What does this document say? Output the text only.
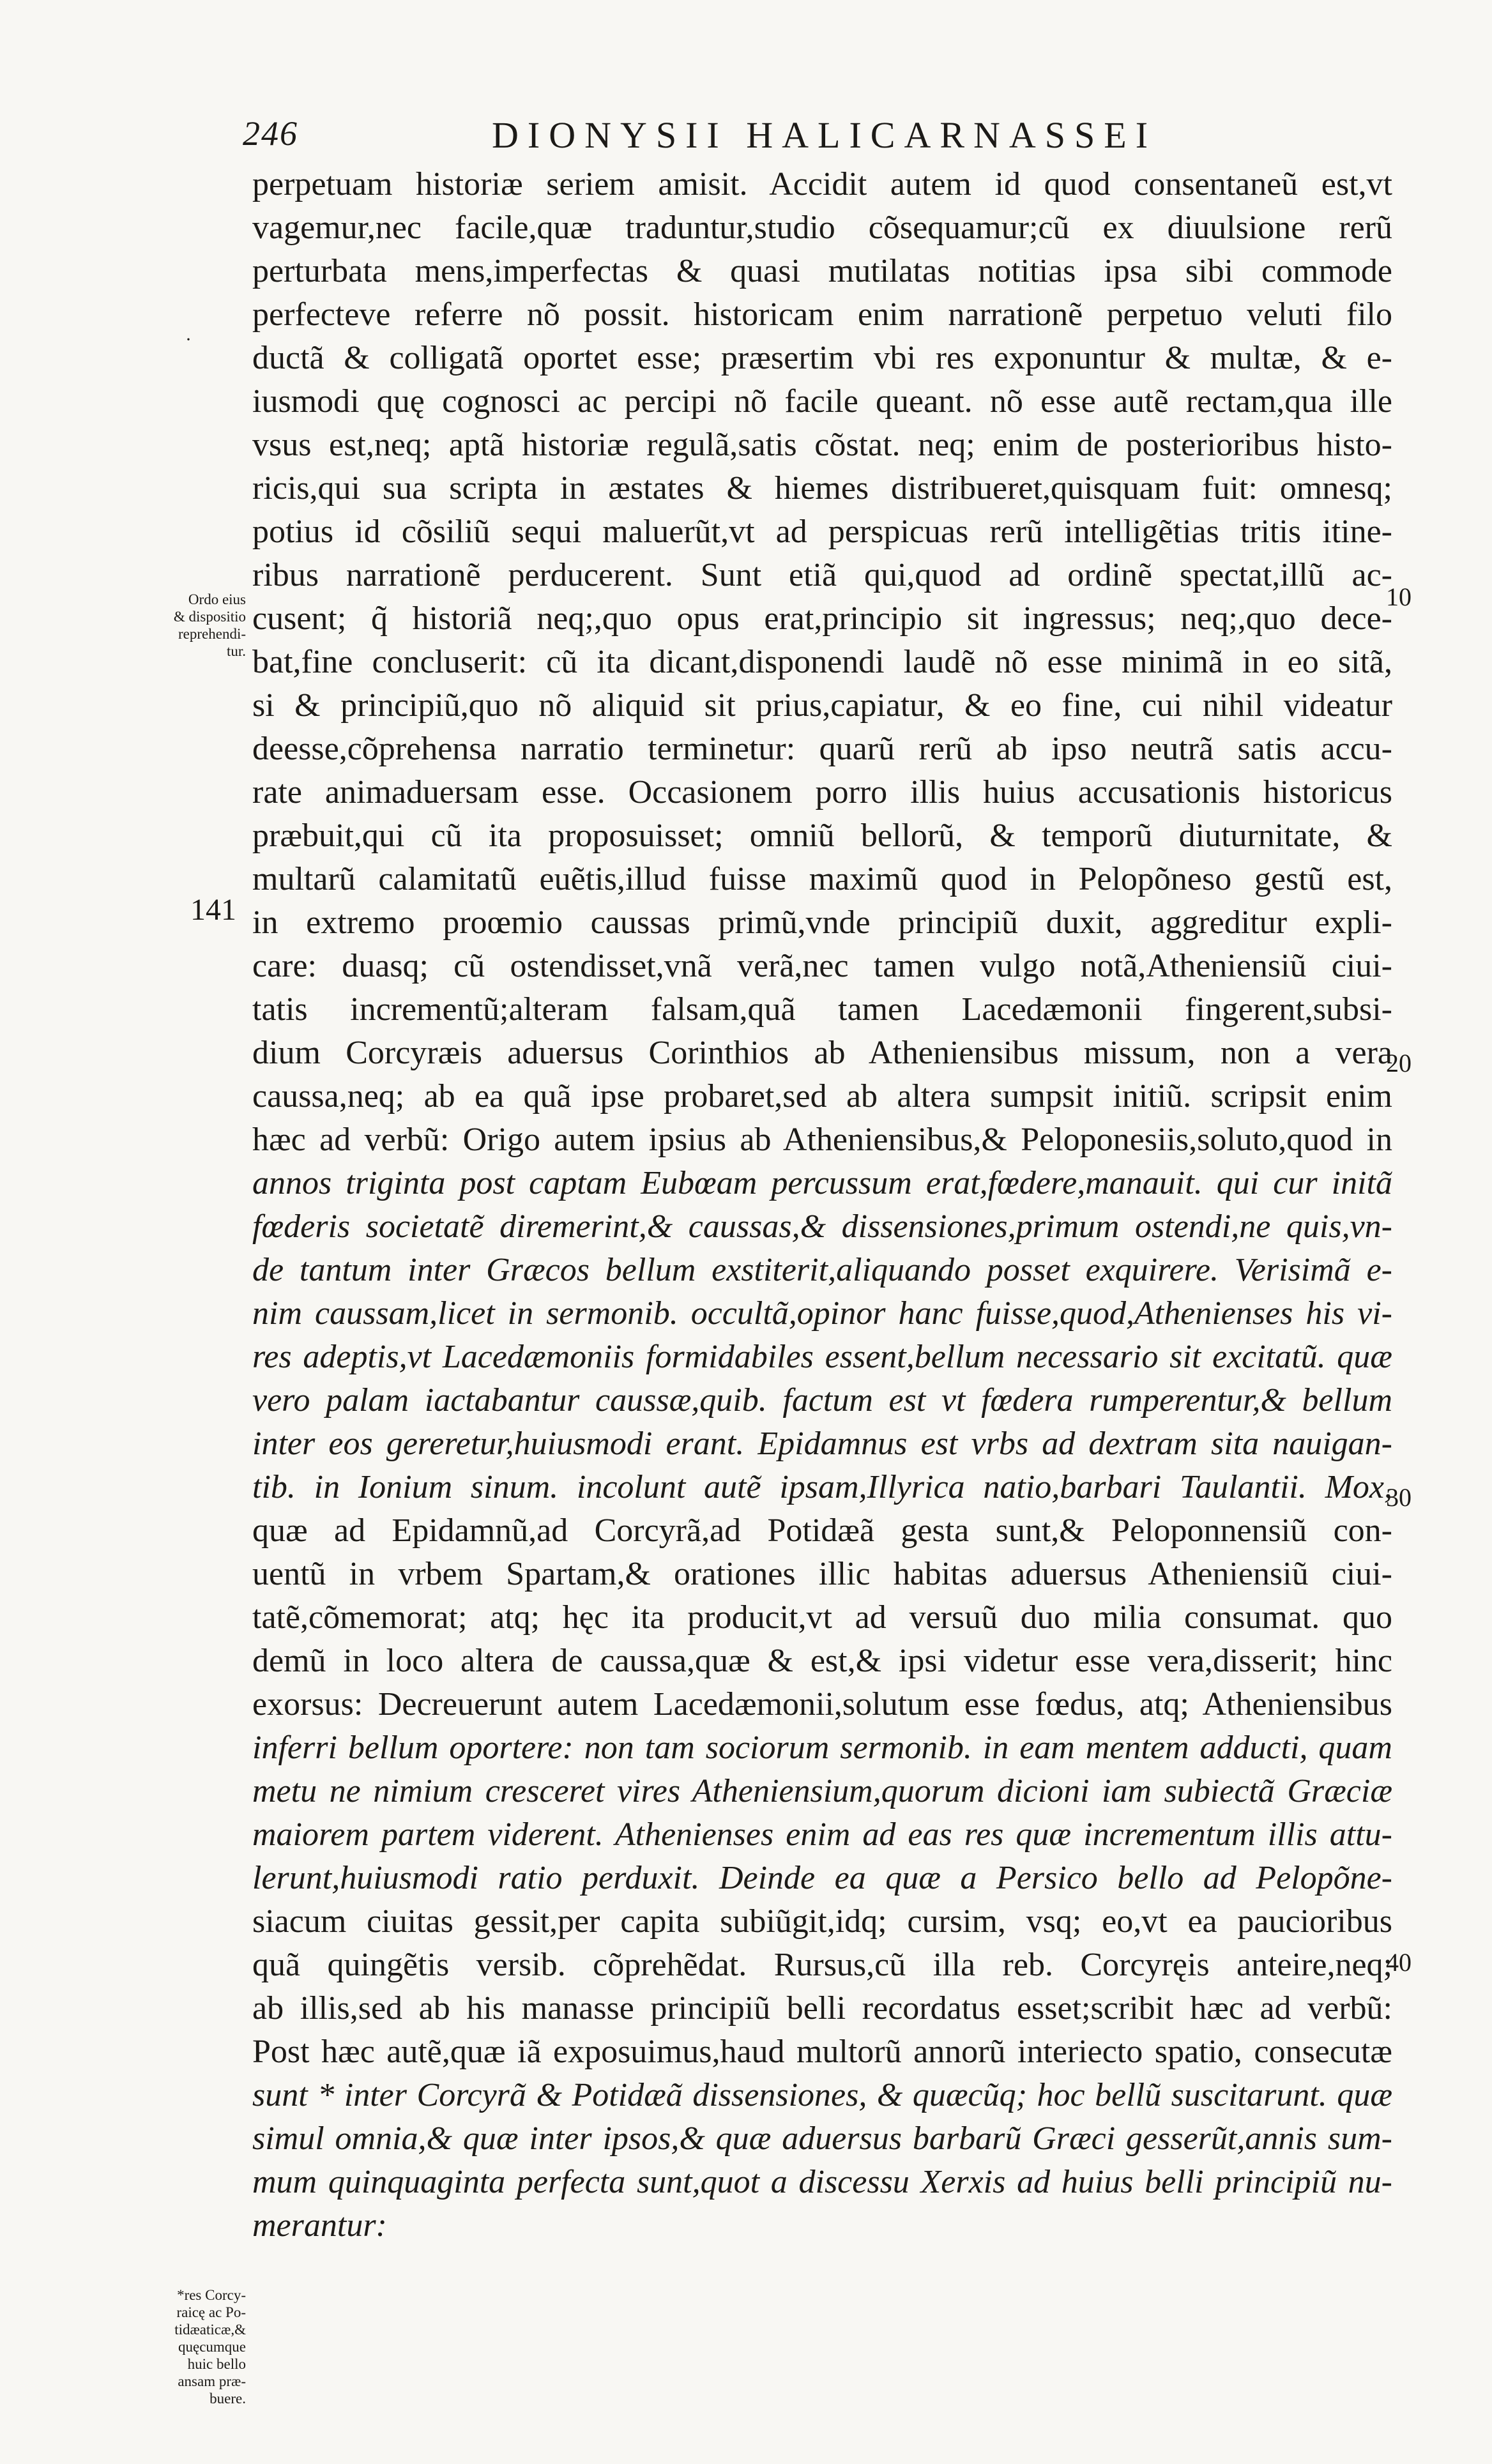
246	DIONYSII HALICARNASSEI
·
Ordo eius
& dispositio
reprehendi-
tur.
141
*res Corcy-
raicę ac Po-
tidæaticæ,&
quęcumque
huic bello
ansam præ-
buere.
10
20
30
40
perpetuam historiæ seriem amisit. Accidit autem id quod consentaneũ est,vt
vagemur,nec facile,quæ traduntur,studio cõsequamur;cũ ex diuulsione rerũ
perturbata mens,imperfectas & quasi mutilatas notitias ipsa sibi commode
perfecteve referre nõ possit. historicam enim narrationẽ perpetuo veluti filo
ductã & colligatã oportet esse; præsertim vbi res exponuntur & multæ, & e-
iusmodi quę cognosci ac percipi nõ facile queant. nõ esse autẽ rectam,qua ille
vsus est,neq; aptã historiæ regulã,satis cõstat. neq; enim de posterioribus histo-
ricis,qui sua scripta in æstates & hiemes distribueret,quisquam fuit: omnesq;
potius id cõsiliũ sequi maluerũt,vt ad perspicuas rerũ intelligẽtias tritis itine-
ribus narrationẽ perducerent. Sunt etiã qui,quod ad ordinẽ spectat,illũ ac-
cusent; q̃ historiã neq;,quo opus erat,principio sit ingressus; neq;,quo dece-
bat,fine concluserit: cũ ita dicant,disponendi laudẽ nõ esse minimã in eo sitã,
si & principiũ,quo nõ aliquid sit prius,capiatur, & eo fine, cui nihil videatur
deesse,cõprehensa narratio terminetur: quarũ rerũ ab ipso neutrã satis accu-
rate animaduersam esse. Occasionem porro illis huius accusationis historicus
præbuit,qui cũ ita proposuisset; omniũ bellorũ, & temporũ diuturnitate, &
multarũ calamitatũ euẽtis,illud fuisse maximũ quod in Pelopõneso gestũ est,
in extremo proœmio caussas primũ,vnde principiũ duxit, aggreditur expli-
care: duasq; cũ ostendisset,vnã verã,nec tamen vulgo notã,Atheniensiũ ciui-
tatis incrementũ;alteram falsam,quã tamen Lacedæmonii fingerent,subsi-
dium Corcyræis aduersus Corinthios ab Atheniensibus missum, non a vera
caussa,neq; ab ea quã ipse probaret,sed ab altera sumpsit initiũ. scripsit enim
hæc ad verbũ: Origo autem ipsius ab Atheniensibus,& Peloponesiis,soluto,quod in
annos triginta post captam Eubœam percussum erat,fœdere,manauit. qui cur initã
fœderis societatẽ diremerint,& caussas,& dissensiones,primum ostendi,ne quis,vn-
de tantum inter Græcos bellum exstiterit,aliquando posset exquirere. Verisimã e-
nim caussam,licet in sermonib. occultã,opinor hanc fuisse,quod,Athenienses his vi-
res adeptis,vt Lacedæmoniis formidabiles essent,bellum necessario sit excitatũ. quæ
vero palam iactabantur caussæ,quib. factum est vt fœdera rumperentur,& bellum
inter eos gereretur,huiusmodi erant. Epidamnus est vrbs ad dextram sita nauigan-
tib. in Ionium sinum. incolunt autẽ ipsam,Illyrica natio,barbari Taulantii. Mox,
quæ ad Epidamnũ,ad Corcyrã,ad Potidæã gesta sunt,& Peloponnensiũ con-
uentũ in vrbem Spartam,& orationes illic habitas aduersus Atheniensiũ ciui-
tatẽ,cõmemorat; atq; hęc ita producit,vt ad versuũ duo milia consumat. quo
demũ in loco altera de caussa,quæ & est,& ipsi videtur esse vera,disserit; hinc
exorsus: Decreuerunt autem Lacedæmonii,solutum esse fœdus, atq; Atheniensibus
inferri bellum oportere: non tam sociorum sermonib. in eam mentem adducti, quam
metu ne nimium cresceret vires Atheniensium,quorum dicioni iam subiectã Græciæ
maiorem partem viderent. Athenienses enim ad eas res quæ incrementum illis attu-
lerunt,huiusmodi ratio perduxit. Deinde ea quæ a Persico bello ad Pelopõne-
siacum ciuitas gessit,per capita subiũgit,idq; cursim, vsq; eo,vt ea paucioribus
quã quingẽtis versib. cõprehẽdat. Rursus,cũ illa reb. Corcyręis anteire,neq;
ab illis,sed ab his manasse principiũ belli recordatus esset;scribit hæc ad verbũ:
Post hæc autẽ,quæ iã exposuimus,haud multorũ annorũ interiecto spatio, consecutæ
sunt * inter Corcyrã & Potidæã dissensiones, & quæcũq; hoc bellũ suscitarunt. quæ
simul omnia,& quæ inter ipsos,& quæ aduersus barbarũ Græci gesserũt,annis sum-
mum quinquaginta perfecta sunt,quot a discessu Xerxis ad huius belli principiũ nu-
merantur:
